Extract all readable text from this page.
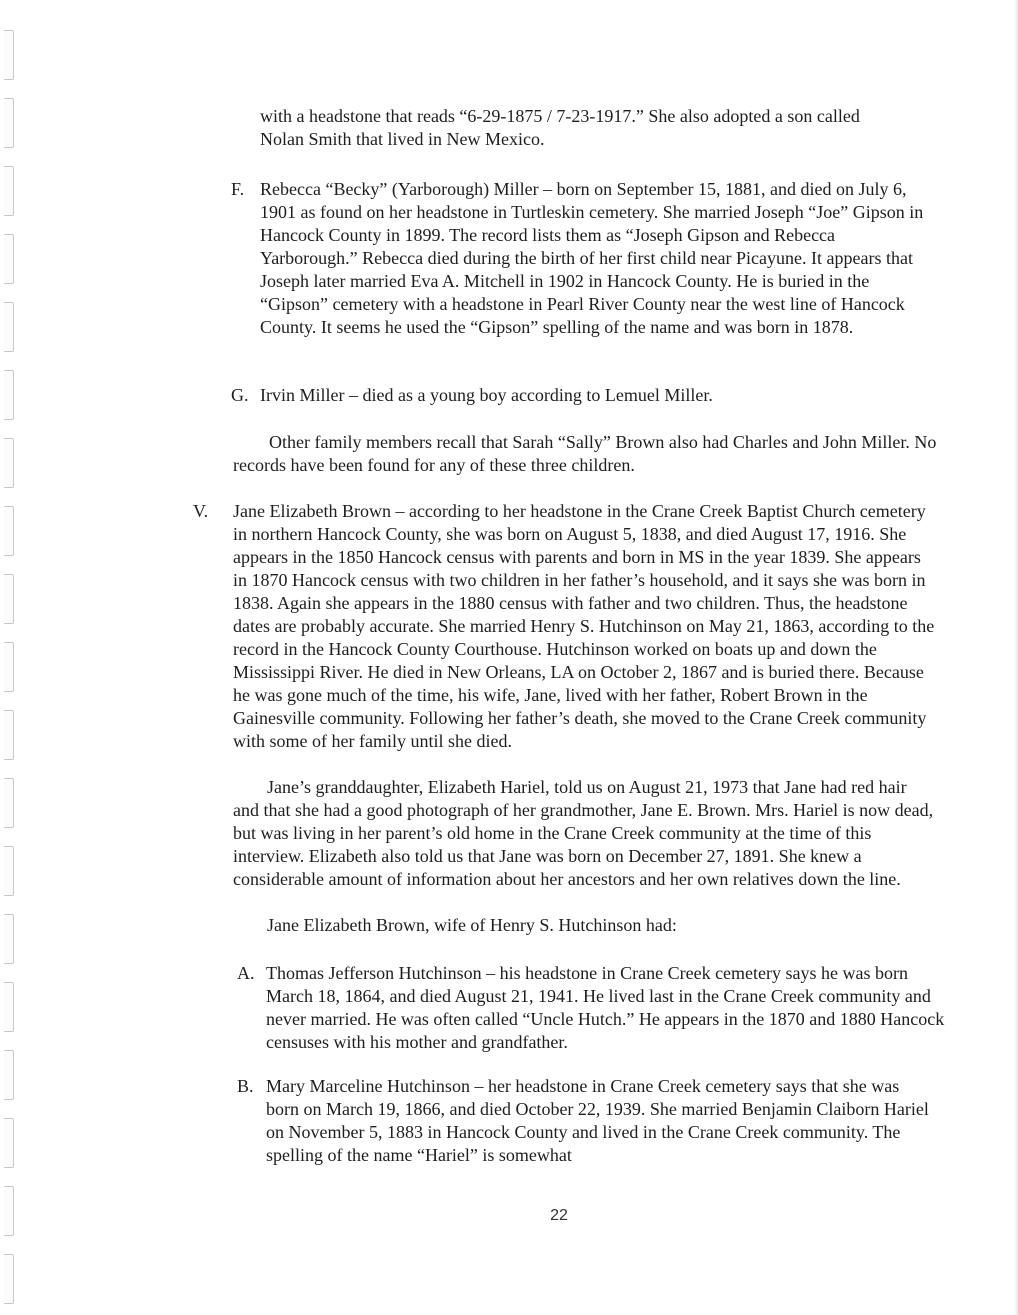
with a headstone that reads “6-29-1875 / 7-23-1917.” She also adopted a son called Nolan Smith that lived in New Mexico.

F. Rebecca “Becky” (Yarborough) Miller – born on September 15, 1881, and died on July 6, 1901 as found on her headstone in Turtleskin cemetery. She married Joseph “Joe” Gipson in Hancock County in 1899. The record lists them as “Joseph Gipson and Rebecca Yarborough.” Rebecca died during the birth of her first child near Picayune. It appears that Joseph later married Eva A. Mitchell in 1902 in Hancock County. He is buried in the “Gipson” cemetery with a headstone in Pearl River County near the west line of Hancock County. It seems he used the “Gipson” spelling of the name and was born in 1878.

G. Irvin Miller – died as a young boy according to Lemuel Miller.

Other family members recall that Sarah “Sally” Brown also had Charles and John Miller. No records have been found for any of these three children.

V. Jane Elizabeth Brown – according to her headstone in the Crane Creek Baptist Church cemetery in northern Hancock County, she was born on August 5, 1838, and died August 17, 1916. She appears in the 1850 Hancock census with parents and born in MS in the year 1839. She appears in 1870 Hancock census with two children in her father’s household, and it says she was born in 1838. Again she appears in the 1880 census with father and two children. Thus, the headstone dates are probably accurate. She married Henry S. Hutchinson on May 21, 1863, according to the record in the Hancock County Courthouse. Hutchinson worked on boats up and down the Mississippi River. He died in New Orleans, LA on October 2, 1867 and is buried there. Because he was gone much of the time, his wife, Jane, lived with her father, Robert Brown in the Gainesville community. Following her father’s death, she moved to the Crane Creek community with some of her family until she died.

Jane’s granddaughter, Elizabeth Hariel, told us on August 21, 1973 that Jane had red hair and that she had a good photograph of her grandmother, Jane E. Brown. Mrs. Hariel is now dead, but was living in her parent’s old home in the Crane Creek community at the time of this interview. Elizabeth also told us that Jane was born on December 27, 1891. She knew a considerable amount of information about her ancestors and her own relatives down the line.

Jane Elizabeth Brown, wife of Henry S. Hutchinson had:

A. Thomas Jefferson Hutchinson – his headstone in Crane Creek cemetery says he was born March 18, 1864, and died August 21, 1941. He lived last in the Crane Creek community and never married. He was often called “Uncle Hutch.” He appears in the 1870 and 1880 Hancock censuses with his mother and grandfather.

B. Mary Marceline Hutchinson – her headstone in Crane Creek cemetery says that she was born on March 19, 1866, and died October 22, 1939. She married Benjamin Claiborn Hariel on November 5, 1883 in Hancock County and lived in the Crane Creek community. The spelling of the name “Hariel” is somewhat

22
